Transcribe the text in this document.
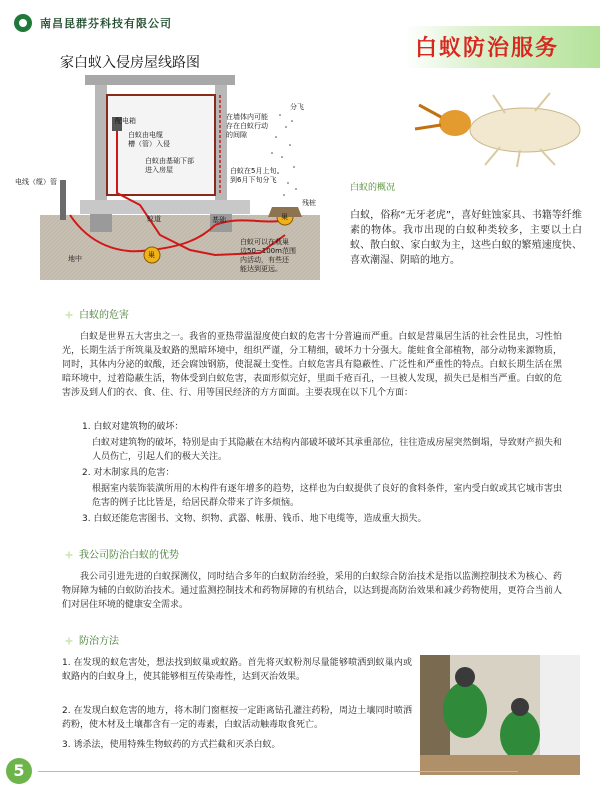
南昌昆群芬科技有限公司
白蚁防治服务
家白蚁入侵房屋线路图
配电箱
白蚁由电缆
槽（管）入侵
在墙体内可能
存在白蚁行动
的间隙
分飞
白蚁由基础下部
进入房屋	白蚁在5月上旬
到6月下旬分飞
电线（缆）管
蚁道	基础
巢
巢
残桩
地中
白蚁可以在栽巢
边50~100m范围
内活动，有些还
能达到更远。
白蚁的概况
白蚁，俗称“无牙老虎”，喜好蛀蚀家具、书籍等纤维素的物体。我市出现的白蚁种类较多，主要以土白蚁、散白蚁、家白蚁为主，这些白蚁的繁殖速度快、喜欢潮湿、阴暗的地方。
白蚁的危害
白蚁是世界五大害虫之一。我省的亚热带温湿度使白蚁的危害十分普遍而严重。白蚁是营巢居生活的社会性昆虫，习性怕光，长期生活于所筑巢及蚁路的黑暗环境中，组织严谨，分工精细，破坏力十分强大。能蛀食全部植物，部分动物来源物质，同时，其体内分泌的蚁酸，还会腐蚀钢筋，使混凝土变性。白蚁危害具有隐蔽性、广泛性和严重性的特点。白蚁长期生活在黑暗环境中，过着隐蔽生活，物体受到白蚁危害，表面形似完好，里面千疮百孔，一旦被人发现，损失已是相当严重。白蚁的危害涉及到人们的衣、食、住、行、用等国民经济的方方面面。主要表现在以下几个方面：
1. 白蚁对建筑物的破坏：
白蚁对建筑物的破坏，特别是由于其隐蔽在木结构内部破坏破坏其承重部位，往往造成房屋突然倒塌，导致财产损失和人员伤亡，引起人们的极大关注。
2. 对木制家具的危害：
根据室内装饰装潢所用的木构件有逐年增多的趋势，这样也为白蚁提供了良好的食料条件，室内受白蚁或其它城市害虫危害的例子比比皆是，给居民群众带来了许多烦恼。
3. 白蚁还能危害图书、文物、织物、武器、帐册、钱币、地下电缆等，造成重大损失。
我公司防治白蚁的优势
我公司引进先进的白蚁探测仪，同时结合多年的白蚁防治经验，采用的白蚁综合防治技术是指以监测控制技术为核心、药物屏障为辅的白蚁防治技术。通过监测控制技术和药物屏障的有机结合，以达到提高防治效果和减少药物使用，更符合当前人们对居住环境的健康安全需求。
防治方法
1. 在发现的蚁危害处，想法找到蚁巢或蚁路。首先将灭蚁粉剂尽量能够喷洒到蚁巢内或蚁路内的白蚁身上，使其能够相互传染毒性，达到灭治效果。
2. 在发现白蚁危害的地方，将木制门窗框按一定距离钻孔灌注药粉，周边土壤同时喷洒药粉，使木材及土壤都含有一定的毒素，白蚁活动触毒取食死亡。
3. 诱杀法，使用特殊生物蚁药的方式拦截和灭杀白蚁。
5
